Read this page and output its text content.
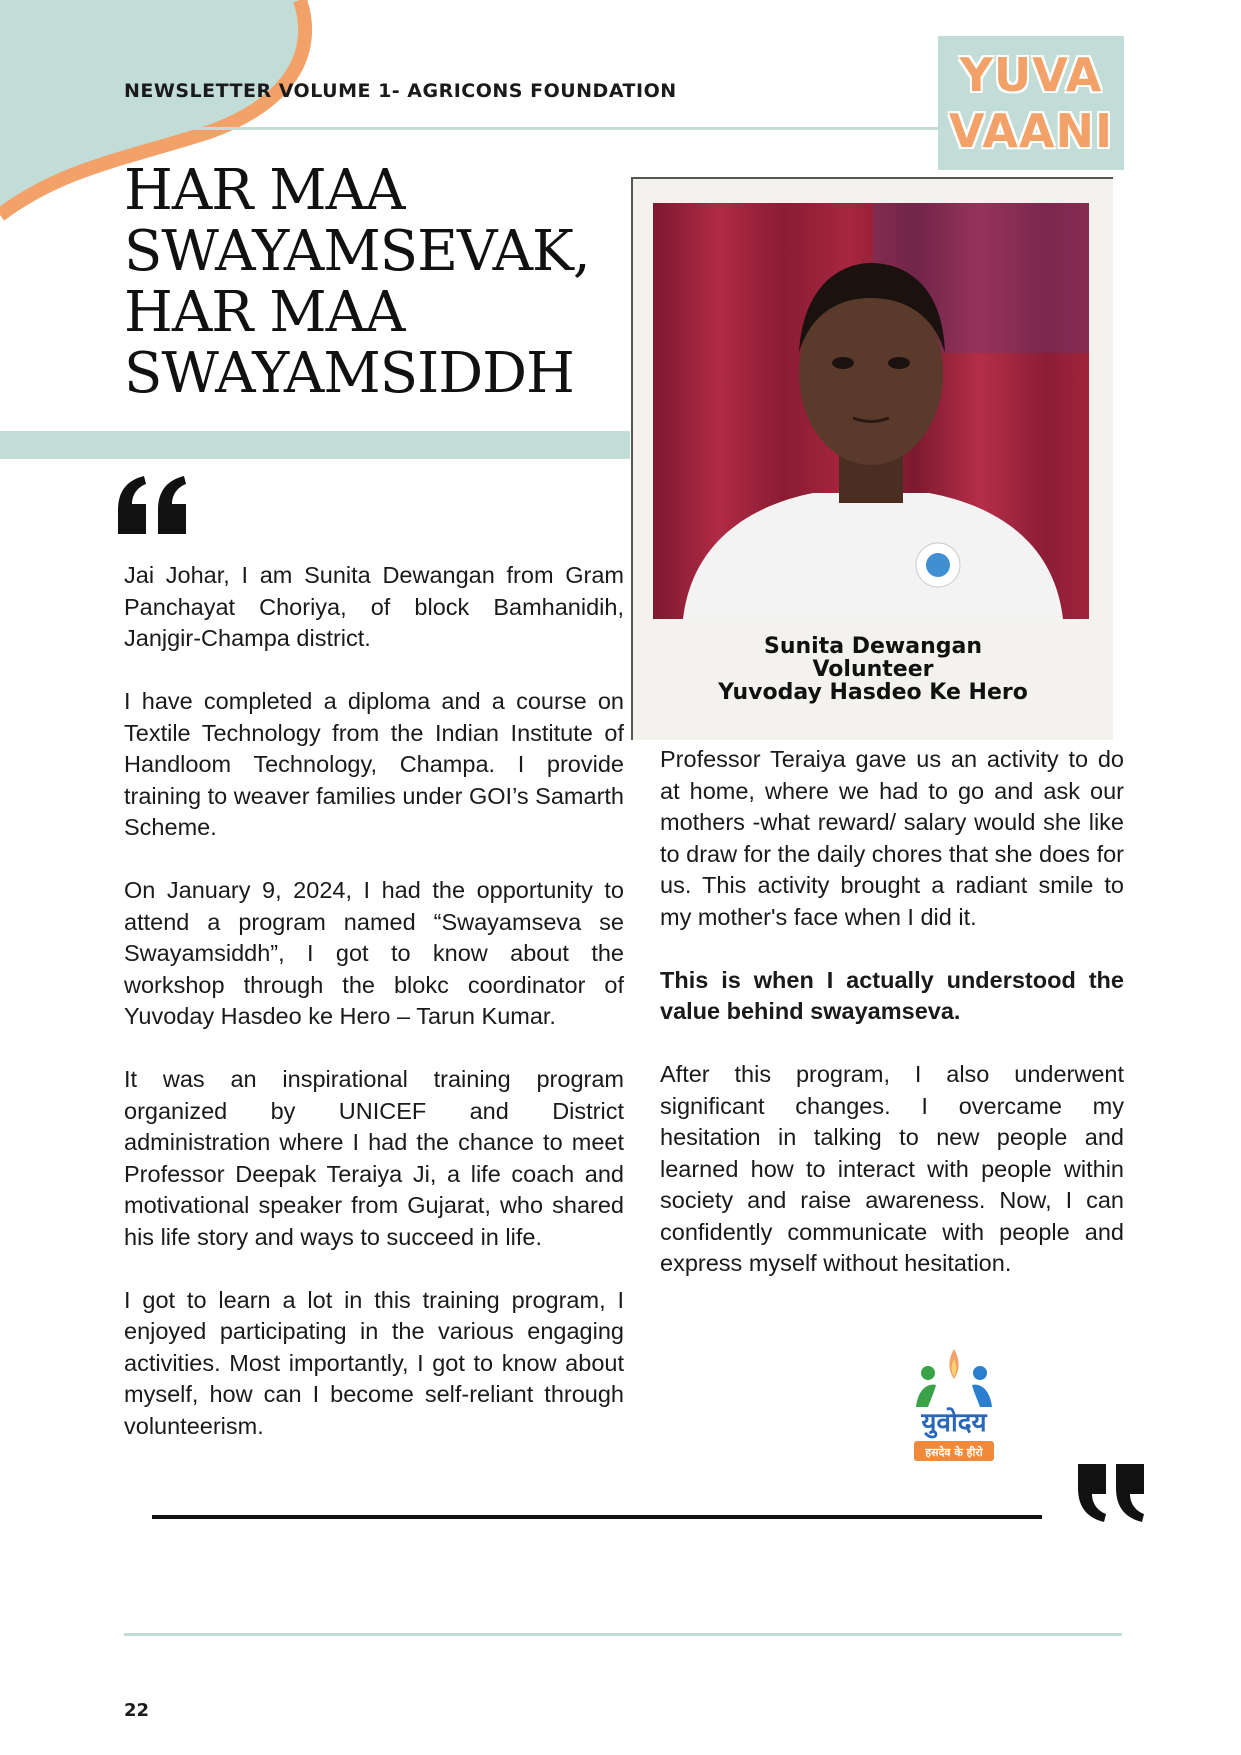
NEWSLETTER VOLUME 1- AGRICONS FOUNDATION	YUVA
VAANI
HAR MAA
SWAYAMSEVAK,
HAR MAA
SWAYAMSIDDH

Jai Johar, I am Sunita Dewangan from Gram Panchayat Choriya, of block Bamhanidih, Janjgir-Champa district.

I have completed a diploma and a course on Textile Technology from the Indian Institute of Handloom Technology, Champa. I provide training to weaver families under GOI’s Samarth Scheme.

On January 9, 2024, I had the opportunity to attend a program named “Swayamseva se Swayamsiddh”, I got to know about the workshop through the blokc coordinator of Yuvoday Hasdeo ke Hero – Tarun Kumar.

It was an inspirational training program organized by UNICEF and District administration where I had the chance to meet Professor Deepak Teraiya Ji, a life coach and motivational speaker from Gujarat, who shared his life story and ways to succeed in life.

I got to learn a lot in this training program, I enjoyed participating in the various engaging activities. Most importantly, I got to know about myself, how can I become self-reliant through volunteerism.

Sunita Dewangan
Volunteer
Yuvoday Hasdeo Ke Hero

Professor Teraiya gave us an activity to do at home, where we had to go and ask our mothers -what reward/ salary would she like to draw for the daily chores that she does for us. This activity brought a radiant smile to my mother's face when I did it.

This is when I actually understood the value behind swayamseva.

After this program, I also underwent significant changes. I overcame my hesitation in talking to new people and learned how to interact with people within society and raise awareness. Now, I can confidently communicate with people and express myself without hesitation.

युवोदय
हसदेव के हीरो
22
